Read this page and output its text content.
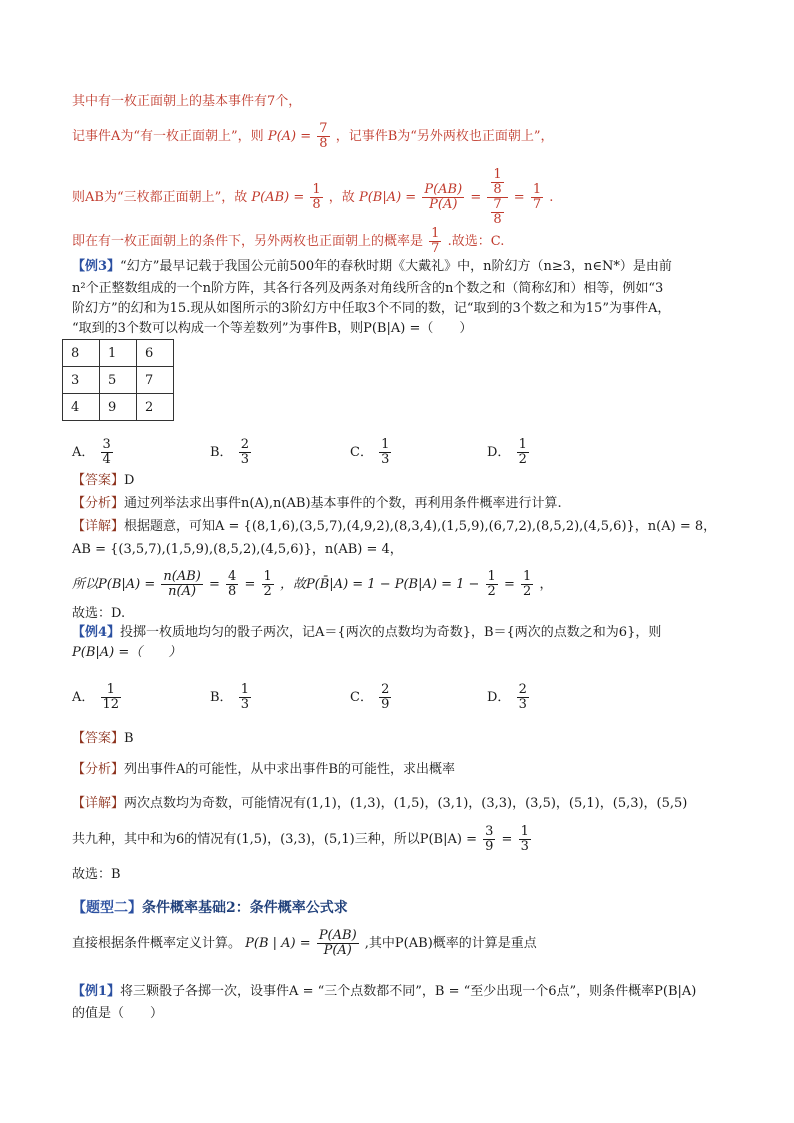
其中有一枚正面朝上的基本事件有7个，
记事件A为“有一枚正面朝上”，则 $P(A) = \frac{7}{8}$ ，记事件B为“另外两枚也正面朝上”，
则AB为“三枚都正面朝上”，故 $P(AB) = \frac{1}{8}$ ，故 $P(B|A) = \frac{P(AB)}{P(A)} = \frac{\frac{1}{8}}{\frac{7}{8}} = \frac{1}{7}$ .
即在有一枚正面朝上的条件下，另外两枚也正面朝上的概率是 $\frac{1}{7}$ .故选：C.
【例3】“幻方”最早记载于我国公元前500年的春秋时期《大戴礼》中，n阶幻方（n≥3，n∈N*）是由前
n²个正整数组成的一个n阶方阵，其各行各列及两条对角线所含的n个数之和（简称幻和）相等，例如“3
阶幻方”的幻和为15.现从如图所示的3阶幻方中任取3个不同的数，记“取到的3个数之和为15”为事件A，
“取到的3个数可以构成一个等差数列”为事件B，则P(B|A) =（　　）
8	1	6
3	5	7
4	9	2
A． $\frac{3}{4}$	B． $\frac{2}{3}$	C． $\frac{1}{3}$	D． $\frac{1}{2}$
【答案】D
【分析】通过列举法求出事件n(A),n(AB)基本事件的个数，再利用条件概率进行计算.
【详解】根据题意，可知A = {(8,1,6),(3,5,7),(4,9,2),(8,3,4),(1,5,9),(6,7,2),(8,5,2),(4,5,6)}，n(A) = 8，
AB = {(3,5,7),(1,5,9),(8,5,2),(4,5,6)}，n(AB) = 4，
所以$P(B|A) = \frac{n(AB)}{n(A)} = \frac{4}{8} = \frac{1}{2}$ ，故P(B̄|A) = $1 - P(B|A) = 1 - \frac{1}{2} = \frac{1}{2}$ ，
故选：D.
【例4】投掷一枚质地均匀的骰子两次，记A＝{两次的点数均为奇数}，B＝{两次的点数之和为6}，则
P(B|A) =（　　）
A． $\frac{1}{12}$	B． $\frac{1}{3}$	C． $\frac{2}{9}$	D． $\frac{2}{3}$
【答案】B
【分析】列出事件A的可能性，从中求出事件B的可能性，求出概率
【详解】两次点数均为奇数，可能情况有(1,1)，(1,3)，(1,5)，(3,1)，(3,3)，(3,5)，(5,1)，(5,3)，(5,5)
共九种，其中和为6的情况有(1,5)，(3,3)，(5,1)三种，所以$P(B|A) = \frac{3}{9} = \frac{1}{3}$
故选：B
【题型二】条件概率基础2：条件概率公式求
直接根据条件概率定义计算。 P(B | $A) = \frac{P(AB)}{P(A)}$ ,其中P(AB)概率的计算是重点
【例1】将三颗骰子各掷一次，设事件A = “三个点数都不同”，B = “至少出现一个6点”，则条件概率P(B|A)
的值是（　　）
